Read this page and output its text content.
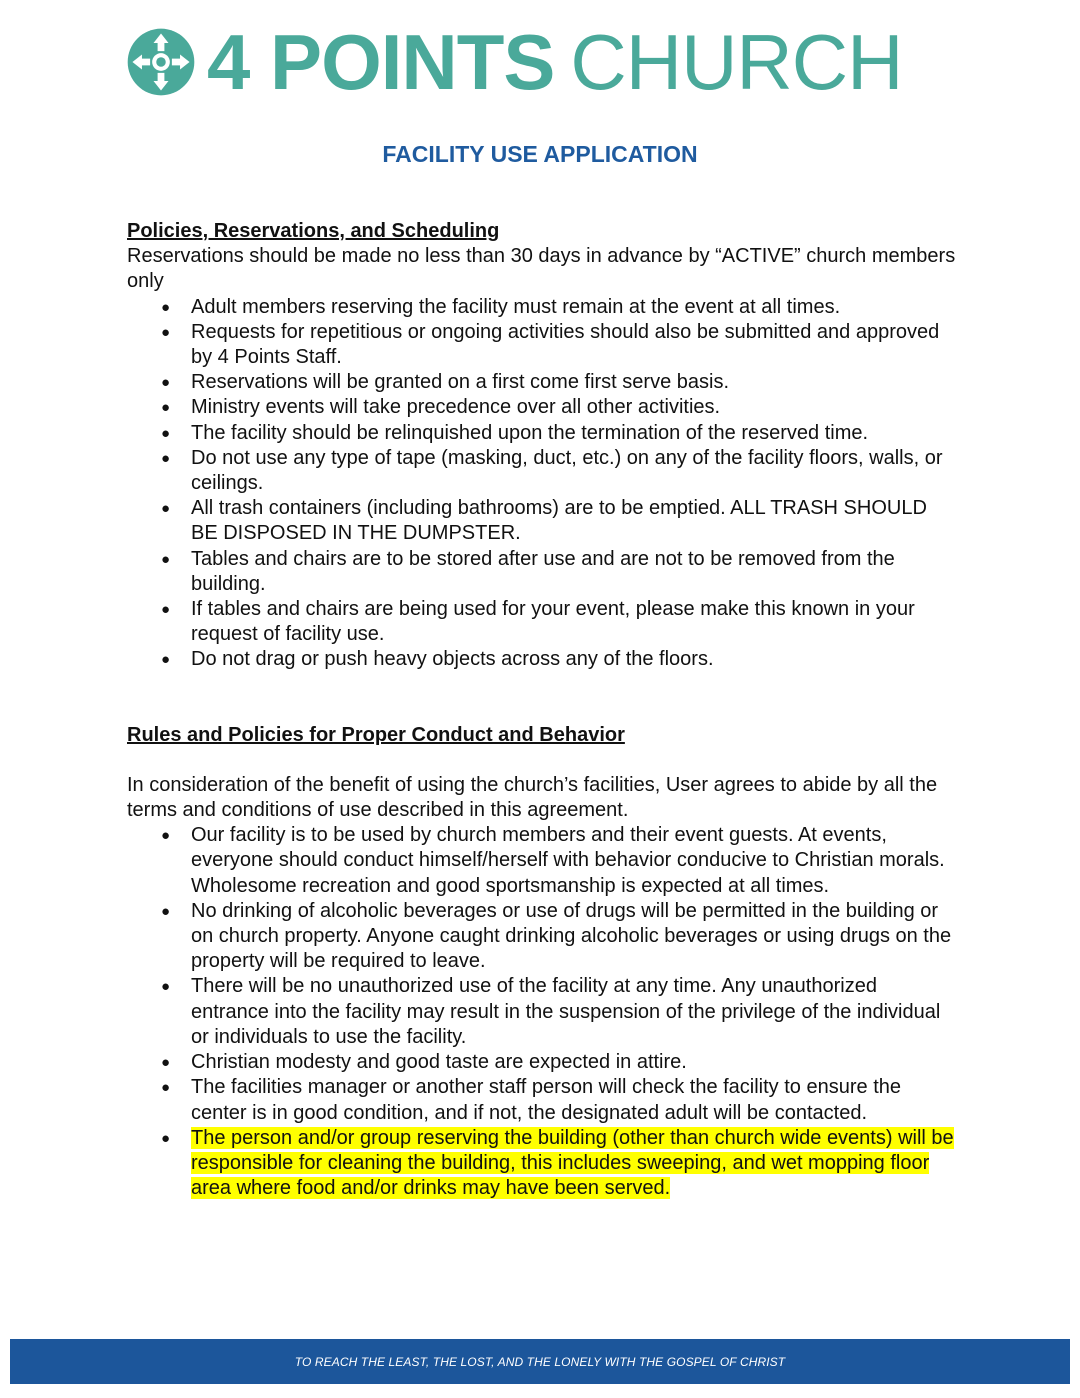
4 POINTS CHURCH
FACILITY USE APPLICATION

Policies, Reservations, and Scheduling

Reservations should be made no less than 30 days in advance by “ACTIVE” church members only

● Adult members reserving the facility must remain at the event at all times.
● Requests for repetitious or ongoing activities should also be submitted and approved by 4 Points Staff.
● Reservations will be granted on a first come first serve basis.
● Ministry events will take precedence over all other activities.
● The facility should be relinquished upon the termination of the reserved time.
● Do not use any type of tape (masking, duct, etc.) on any of the facility floors, walls, or ceilings.
● All trash containers (including bathrooms) are to be emptied. ALL TRASH SHOULD BE DISPOSED IN THE DUMPSTER.
● Tables and chairs are to be stored after use and are not to be removed from the building.
● If tables and chairs are being used for your event, please make this known in your request of facility use.
● Do not drag or push heavy objects across any of the floors.

Rules and Policies for Proper Conduct and Behavior

In consideration of the benefit of using the church’s facilities, User agrees to abide by all the terms and conditions of use described in this agreement.

● Our facility is to be used by church members and their event guests. At events, everyone should conduct himself/herself with behavior conducive to Christian morals. Wholesome recreation and good sportsmanship is expected at all times.
● No drinking of alcoholic beverages or use of drugs will be permitted in the building or on church property. Anyone caught drinking alcoholic beverages or using drugs on the property will be required to leave.
● There will be no unauthorized use of the facility at any time. Any unauthorized entrance into the facility may result in the suspension of the privilege of the individual or individuals to use the facility.
● Christian modesty and good taste are expected in attire.
● The facilities manager or another staff person will check the facility to ensure the center is in good condition, and if not, the designated adult will be contacted.
● The person and/or group reserving the building (other than church wide events) will be responsible for cleaning the building, this includes sweeping, and wet mopping floor area where food and/or drinks may have been served.
TO REACH THE LEAST, THE LOST, AND THE LONELY WITH THE GOSPEL OF CHRIST
